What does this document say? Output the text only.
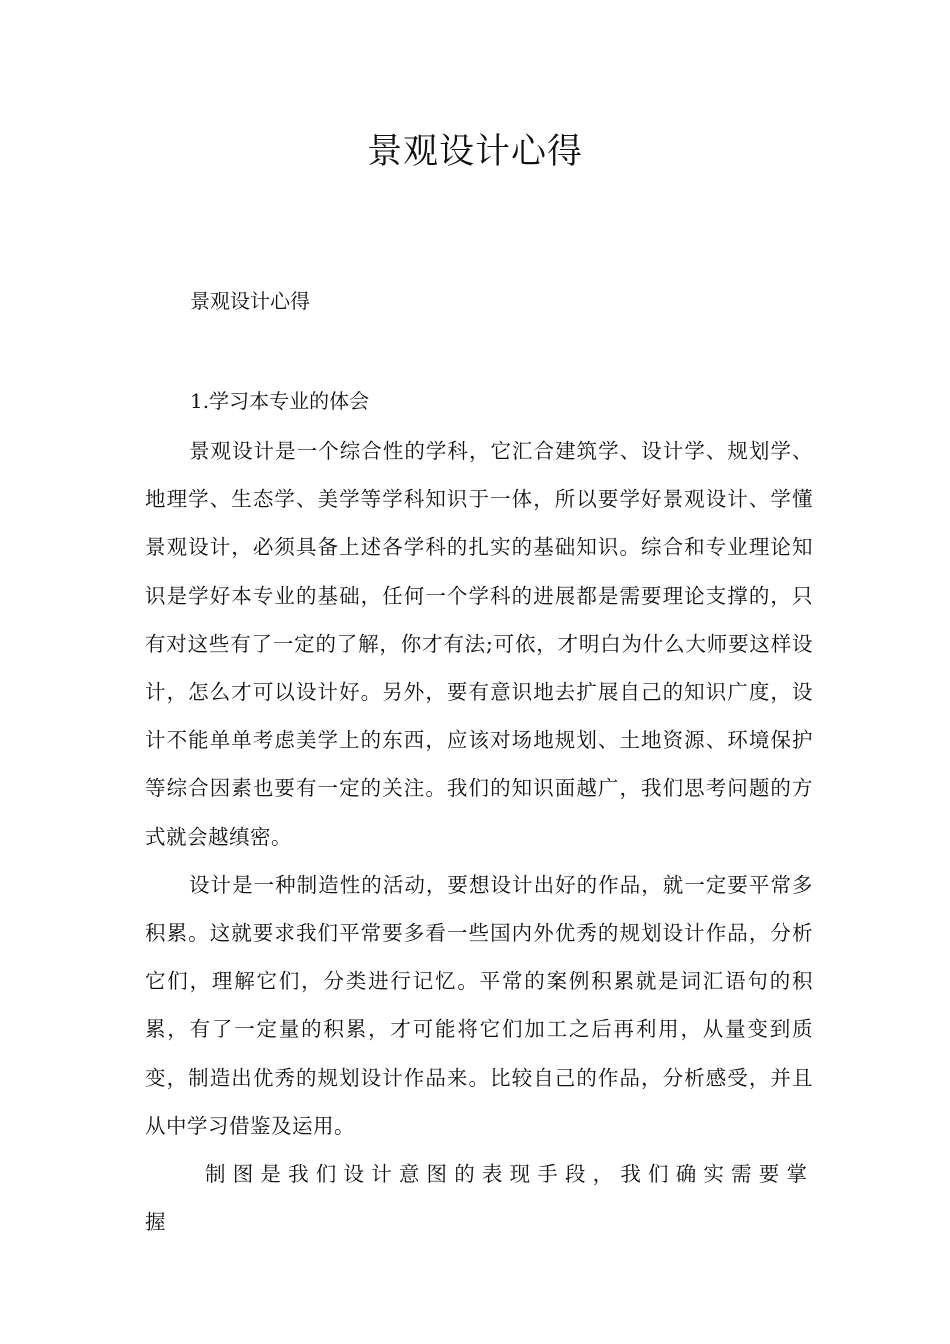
景观设计心得
景观设计心得
1.学习本专业的体会

景观设计是一个综合性的学科，它汇合建筑学、设计学、规划学、地理学、生态学、美学等学科知识于一体，所以要学好景观设计、学懂景观设计，必须具备上述各学科的扎实的基础知识。综合和专业理论知识是学好本专业的基础，任何一个学科的进展都是需要理论支撑的，只有对这些有了一定的了解，你才有法;可依，才明白为什么大师要这样设计，怎么才可以设计好。另外，要有意识地去扩展自己的知识广度，设计不能单单考虑美学上的东西，应该对场地规划、土地资源、环境保护等综合因素也要有一定的关注。我们的知识面越广，我们思考问题的方式就会越缜密。

设计是一种制造性的活动，要想设计出好的作品，就一定要平常多积累。这就要求我们平常要多看一些国内外优秀的规划设计作品，分析它们，理解它们，分类进行记忆。平常的案例积累就是词汇语句的积累，有了一定量的积累，才可能将它们加工之后再利用，从量变到质变，制造出优秀的规划设计作品来。比较自己的作品，分析感受，并且从中学习借鉴及运用。

制图是我们设计意图的表现手段，我们确实需要掌握
